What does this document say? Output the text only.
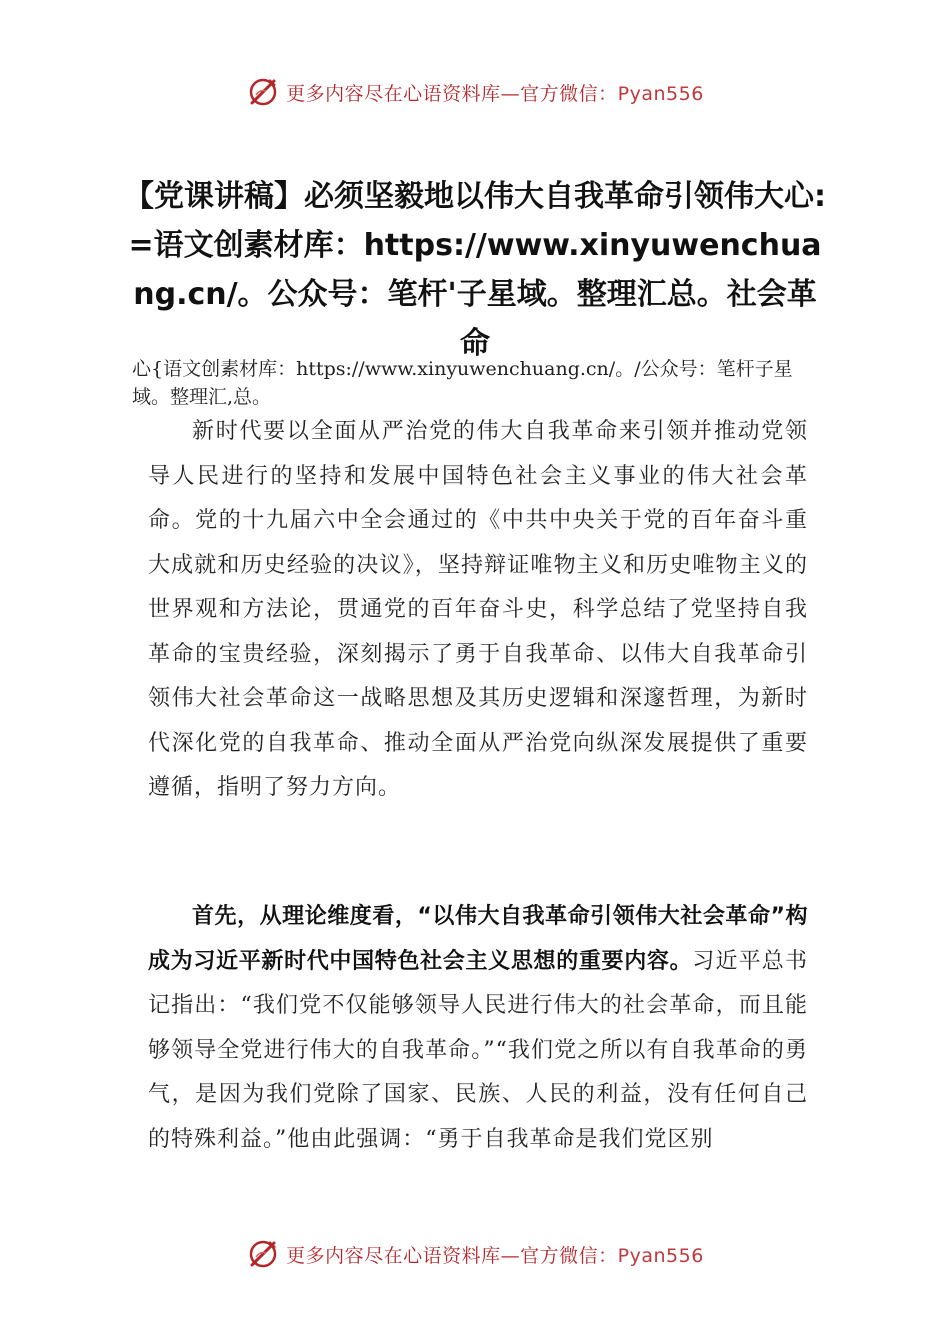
更多内容尽在心语资料库—官方微信：Pyan556
【党课讲稿】必须坚毅地以伟大自我革命引领伟大心:=语文创素材库：https://www.xinyuwenchuang.cn/。公众号：笔杆'子星域。整理汇总。社会革命

心{语文创素材库：https://www.xinyuwenchuang.cn/。/公众号：笔杆子星域。整理汇,总。

新时代要以全面从严治党的伟大自我革命来引领并推动党领导人民进行的坚持和发展中国特色社会主义事业的伟大社会革命。党的十九届六中全会通过的《中共中央关于党的百年奋斗重大成就和历史经验的决议》，坚持辩证唯物主义和历史唯物主义的世界观和方法论，贯通党的百年奋斗史，科学总结了党坚持自我革命的宝贵经验，深刻揭示了勇于自我革命、以伟大自我革命引领伟大社会革命这一战略思想及其历史逻辑和深邃哲理，为新时代深化党的自我革命、推动全面从严治党向纵深发展提供了重要遵循，指明了努力方向。

首先，从理论维度看，“以伟大自我革命引领伟大社会革命”构成为习近平新时代中国特色社会主义思想的重要内容。习近平总书记指出：“我们党不仅能够领导人民进行伟大的社会革命，而且能够领导全党进行伟大的自我革命。”“我们党之所以有自我革命的勇气，是因为我们党除了国家、民族、人民的利益，没有任何自己的特殊利益。”他由此强调：“勇于自我革命是我们党区别

更多内容尽在心语资料库—官方微信：Pyan556
